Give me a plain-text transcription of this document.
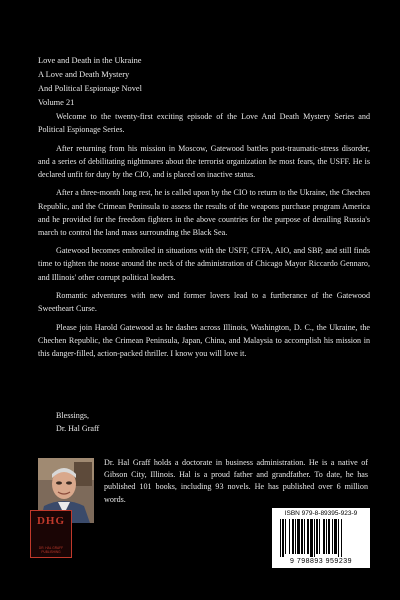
Love and Death in the Ukraine
A Love and Death Mystery
And Political Espionage Novel
Volume 21

Welcome to the twenty-first exciting episode of the Love And Death Mystery Series and Political Espionage Series.

After returning from his mission in Moscow, Gatewood battles post-traumatic-stress disorder, and a series of debilitating nightmares about the terrorist organization he most fears, the USFF. He is declared unfit for duty by the CIO, and is placed on inactive status.

After a three-month long rest, he is called upon by the CIO to return to the Ukraine, the Chechen Republic, and the Crimean Peninsula to assess the results of the weapons purchase program America and he provided for the freedom fighters in the above countries for the purpose of derailing Russia's march to control the land mass surrounding the Black Sea.

Gatewood becomes embroiled in situations with the USFF, CFFA, AIO, and SBP, and still finds time to tighten the noose around the neck of the administration of Chicago Mayor Riccardo Gennaro, and Illinois' other corrupt political leaders.

Romantic adventures with new and former lovers lead to a furtherance of the Gatewood Sweetheart Curse.

Please join Harold Gatewood as he dashes across Illinois, Washington, D. C., the Ukraine, the Chechen Republic, the Crimean Peninsula, Japan, China, and Malaysia to accomplish his mission in this danger-filled, action-packed thriller. I know you will love it.

Blessings,
Dr. Hal Graff
Dr. Hal Graff holds a doctorate in business administration. He is a native of Gibson City, Illinois. Hal is a proud father and grandfather. To date, he has published 101 books, including 93 novels. He has published over 6 million words.
DHG
DR. HAL GRAFF PUBLISHING
ISBN 979-8-89395-923-9
9 798893 959239
